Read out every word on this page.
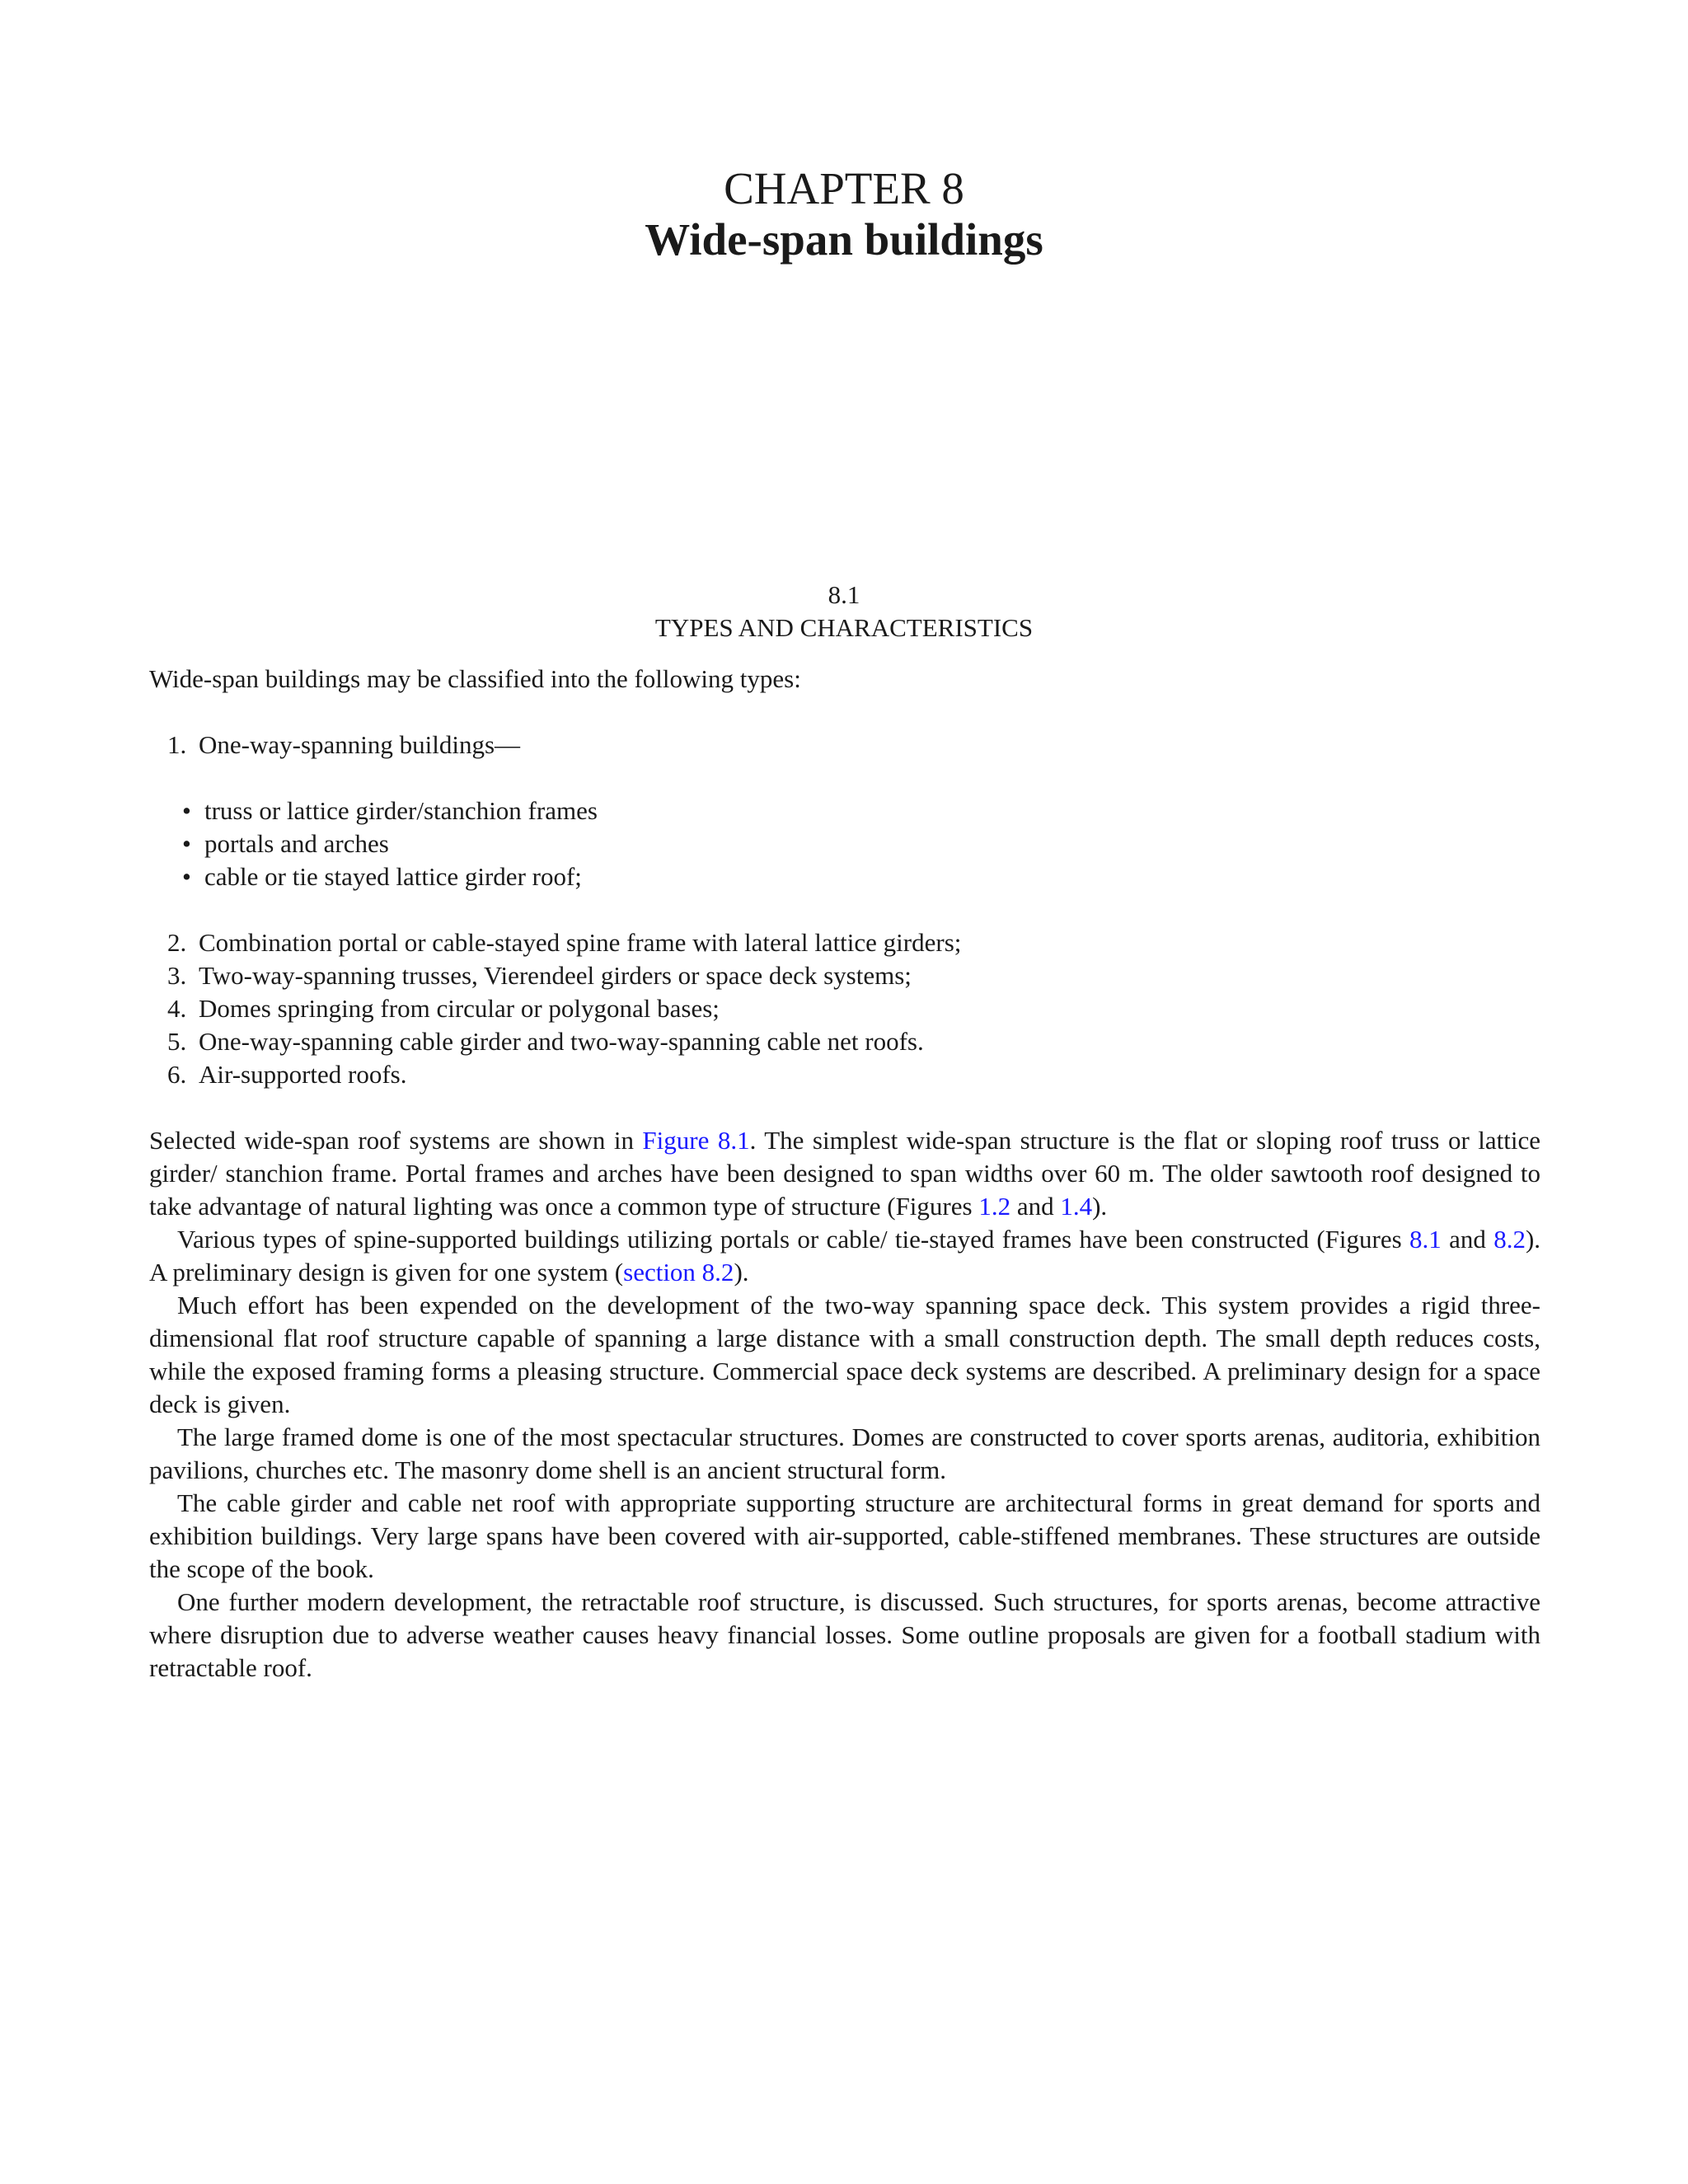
CHAPTER 8
Wide-span buildings
8.1
TYPES AND CHARACTERISTICS

Wide-span buildings may be classified into the following types:

1. One-way-spanning buildings—
• truss or lattice girder/stanchion frames
• portals and arches
• cable or tie stayed lattice girder roof;
2. Combination portal or cable-stayed spine frame with lateral lattice girders;
3. Two-way-spanning trusses, Vierendeel girders or space deck systems;
4. Domes springing from circular or polygonal bases;
5. One-way-spanning cable girder and two-way-spanning cable net roofs.
6. Air-supported roofs.

Selected wide-span roof systems are shown in Figure 8.1. The simplest wide-span structure is the flat or sloping roof truss or lattice girder/ stanchion frame. Portal frames and arches have been designed to span widths over 60 m. The older sawtooth roof designed to take advantage of natural lighting was once a common type of structure (Figures 1.2 and 1.4).

Various types of spine-supported buildings utilizing portals or cable/ tie-stayed frames have been constructed (Figures 8.1 and 8.2). A preliminary design is given for one system (section 8.2).

Much effort has been expended on the development of the two-way spanning space deck. This system provides a rigid three-dimensional flat roof structure capable of spanning a large distance with a small construction depth. The small depth reduces costs, while the exposed framing forms a pleasing structure. Commercial space deck systems are described. A preliminary design for a space deck is given.

The large framed dome is one of the most spectacular structures. Domes are constructed to cover sports arenas, auditoria, exhibition pavilions, churches etc. The masonry dome shell is an ancient structural form.

The cable girder and cable net roof with appropriate supporting structure are architectural forms in great demand for sports and exhibition buildings. Very large spans have been covered with air-supported, cable-stiffened membranes. These structures are outside the scope of the book.

One further modern development, the retractable roof structure, is discussed. Such structures, for sports arenas, become attractive where disruption due to adverse weather causes heavy financial losses. Some outline proposals are given for a football stadium with retractable roof.
